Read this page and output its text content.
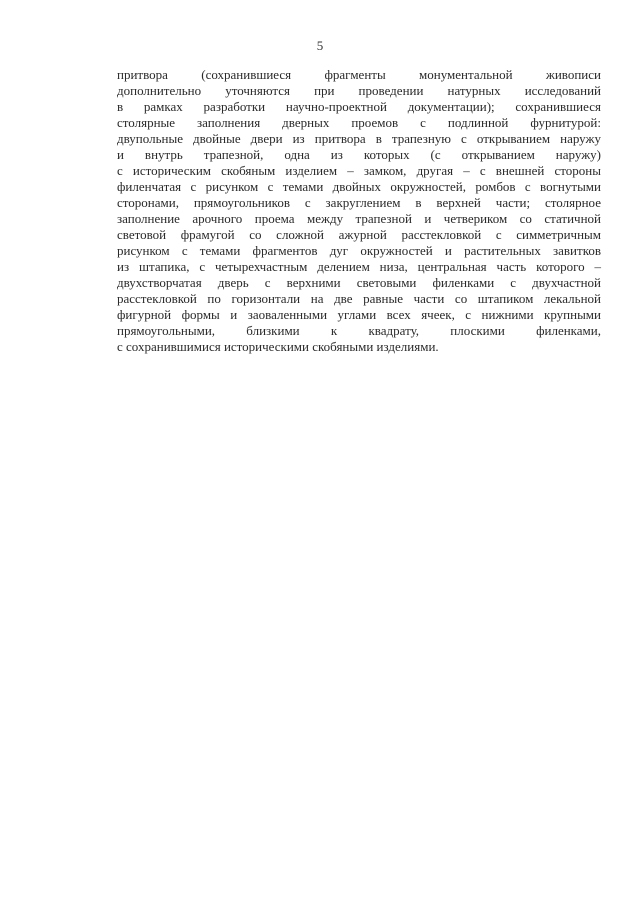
5
притвора (сохранившиеся фрагменты монументальной живописи
дополнительно уточняются при проведении натурных исследований
в рамках разработки научно-проектной документации); сохранившиеся
столярные заполнения дверных проемов с подлинной фурнитурой:
двупольные двойные двери из притвора в трапезную с открыванием наружу
и внутрь трапезной, одна из которых (с открыванием наружу)
с историческим скобяным изделием – замком, другая – с внешней стороны
филенчатая с рисунком с темами двойных окружностей, ромбов с вогнутыми
сторонами, прямоугольников с закруглением в верхней части; столярное
заполнение арочного проема между трапезной и четвериком со статичной
световой фрамугой со сложной ажурной расстекловкой с симметричным
рисунком с темами фрагментов дуг окружностей и растительных завитков
из штапика, с четырехчастным делением низа, центральная часть которого –
двухстворчатая дверь с верхними световыми филенками с двухчастной
расстекловкой по горизонтали на две равные части со штапиком лекальной
фигурной формы и заоваленными углами всех ячеек, с нижними крупными
прямоугольными, близкими к квадрату, плоскими филенками,
с сохранившимися историческими скобяными изделиями.
